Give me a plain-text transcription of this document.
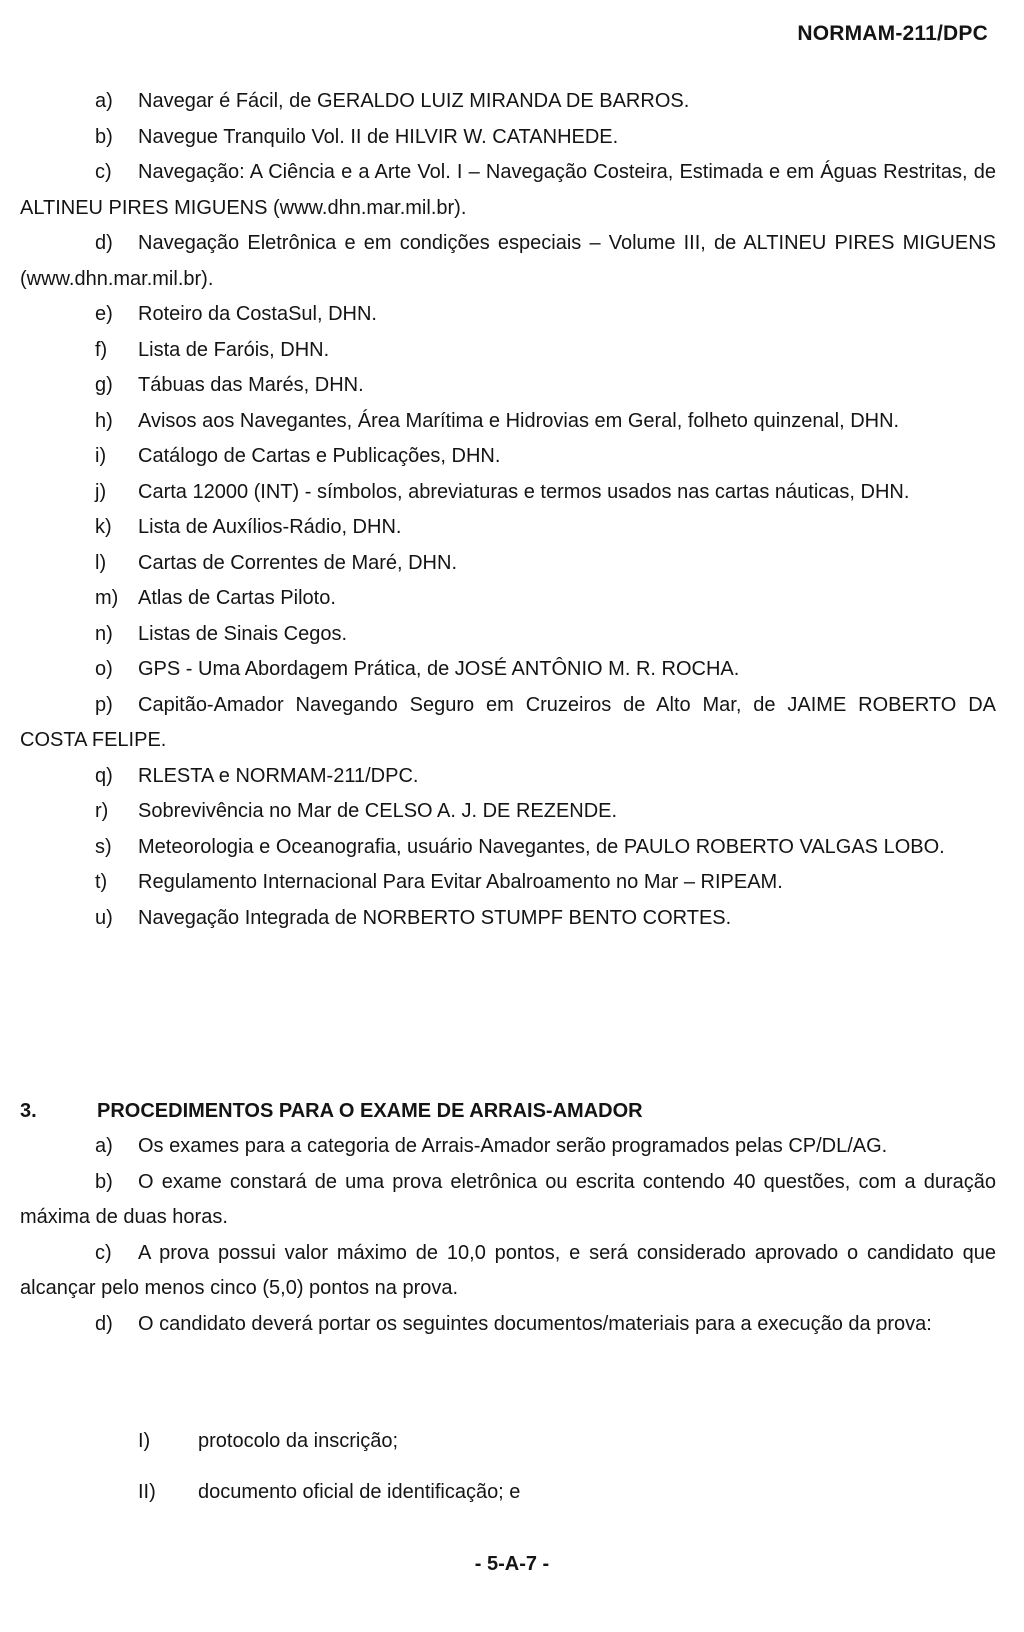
NORMAM-211/DPC
a) Navegar é Fácil, de GERALDO LUIZ MIRANDA DE BARROS.
b) Navegue Tranquilo Vol. II de HILVIR W. CATANHEDE.
c) Navegação: A Ciência e a Arte Vol. I – Navegação Costeira, Estimada e em Águas Restritas, de ALTINEU PIRES MIGUENS (www.dhn.mar.mil.br).
d) Navegação Eletrônica e em condições especiais – Volume III, de ALTINEU PIRES MIGUENS (www.dhn.mar.mil.br).
e) Roteiro da CostaSul, DHN.
f) Lista de Faróis, DHN.
g) Tábuas das Marés, DHN.
h) Avisos aos Navegantes, Área Marítima e Hidrovias em Geral, folheto quinzenal, DHN.
i) Catálogo de Cartas e Publicações, DHN.
j) Carta 12000 (INT) - símbolos, abreviaturas e termos usados nas cartas náuticas, DHN.
k) Lista de Auxílios-Rádio, DHN.
l) Cartas de Correntes de Maré, DHN.
m) Atlas de Cartas Piloto.
n) Listas de Sinais Cegos.
o) GPS - Uma Abordagem Prática, de JOSÉ ANTÔNIO M. R. ROCHA.
p) Capitão-Amador Navegando Seguro em Cruzeiros de Alto Mar, de JAIME ROBERTO DA COSTA FELIPE.
q) RLESTA e NORMAM-211/DPC.
r) Sobrevivência no Mar de CELSO A. J. DE REZENDE.
s) Meteorologia e Oceanografia, usuário Navegantes, de PAULO ROBERTO VALGAS LOBO.
t) Regulamento Internacional Para Evitar Abalroamento no Mar – RIPEAM.
u) Navegação Integrada de NORBERTO STUMPF BENTO CORTES.
3.	PROCEDIMENTOS PARA O EXAME DE ARRAIS-AMADOR
a) Os exames para a categoria de Arrais-Amador serão programados pelas CP/DL/AG.
b) O exame constará de uma prova eletrônica ou escrita contendo 40 questões, com a duração máxima de duas horas.
c) A prova possui valor máximo de 10,0 pontos, e será considerado aprovado o candidato que alcançar pelo menos cinco (5,0) pontos na prova.
d) O candidato deverá portar os seguintes documentos/materiais para a execução da prova:
I) protocolo da inscrição;
II) documento oficial de identificação; e
- 5-A-7 -
